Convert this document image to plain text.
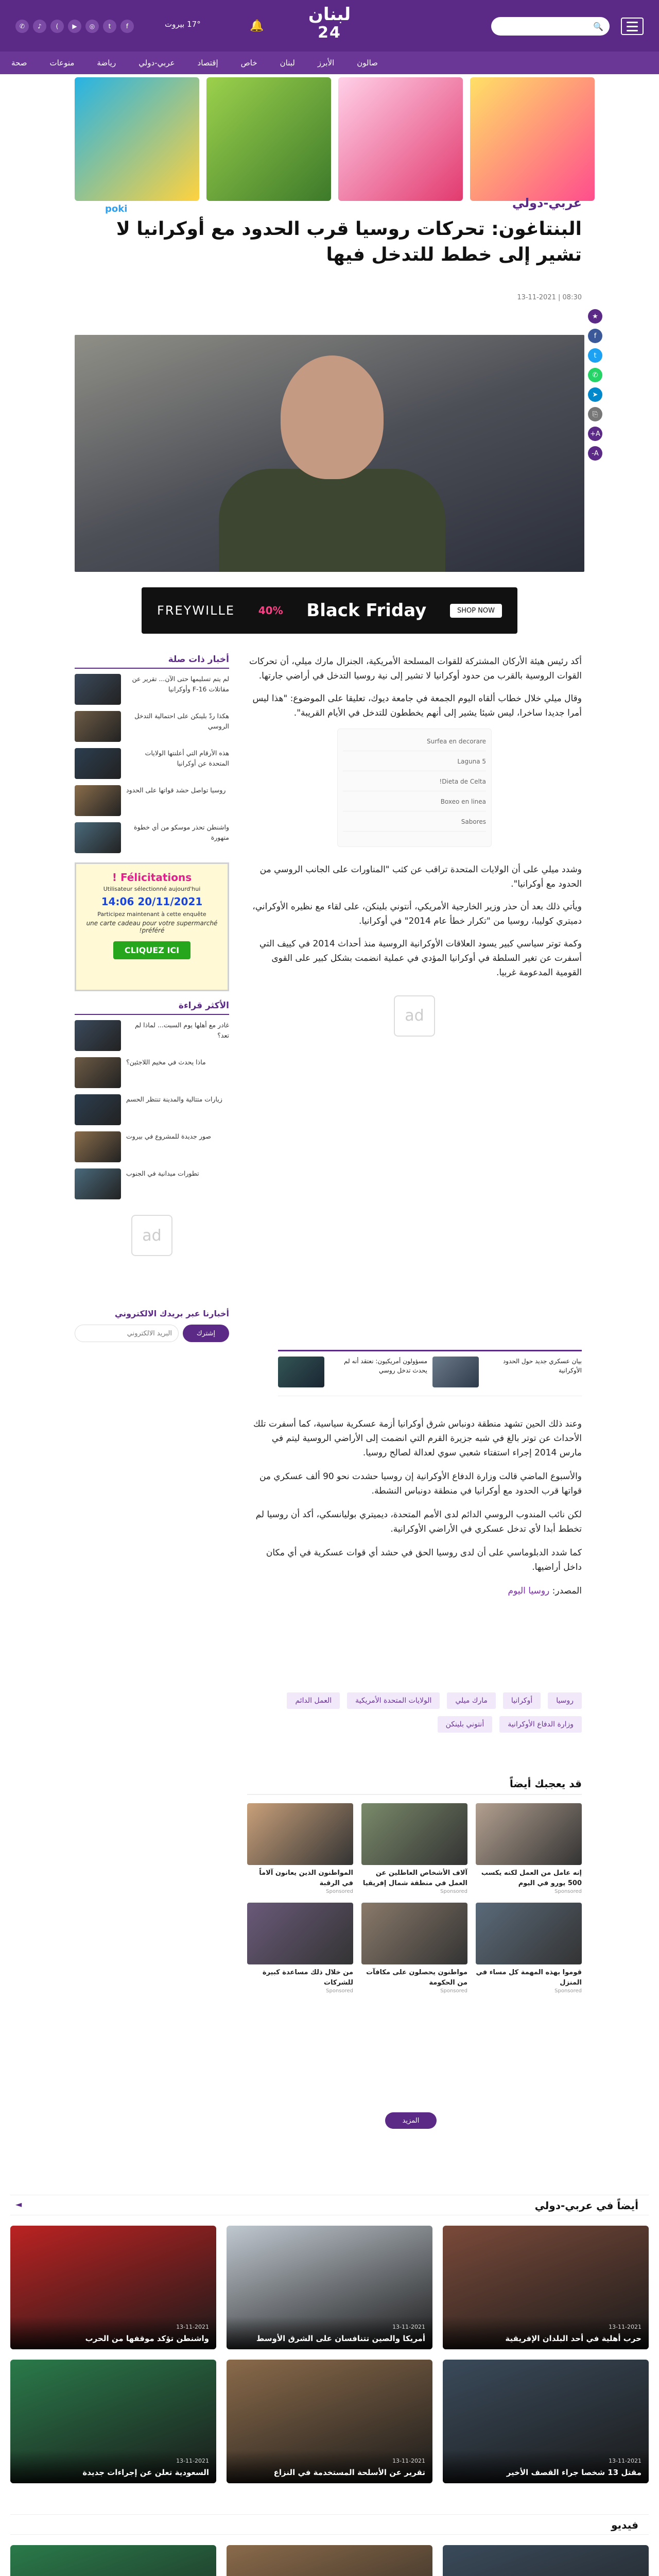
🔍
لبنان
24
🔔
17° بيروت
f
t
◎
▶
)
♪
✆
صالون
الأبرز
لبنان
خاص
إقتصاد
عربي-دولي
رياضة
منوعات
صحة
poki	عربي-دولي
البنتاغون: تحركات روسيا قرب الحدود مع أوكرانيا لا تشير إلى خطط للتدخل فيها
08:30 | 13-11-2021
★
f
t
✆
➤
⎘
A+
A-
SHOP NOW
Black Friday
40%
FREYWILLE

أكد رئيس هيئة الأركان المشتركة للقوات المسلحة الأمريكية، الجنرال مارك ميلي، أن تحركات القوات الروسية بالقرب من حدود أوكرانيا لا تشير إلى نية روسيا التدخل في أراضي جارتها.

وقال ميلي خلال خطاب ألقاه اليوم الجمعة في جامعة ديوك، تعليقا على الموضوع: "هذا ليس أمرا جديدا ساخرا، ليس شيئا يشير إلى أنهم يخططون للتدخل في الأيام القريبة".

Surfea en decorare
Laguna 5
Dieta de Celta!
Boxeo en linea
Sabores

وشدد ميلي على أن الولايات المتحدة تراقب عن كثب "المناورات على الجانب الروسي من الحدود مع أوكرانيا".

ويأتي ذلك بعد أن حذر وزير الخارجية الأمريكي، أنتوني بلينكن، على لقاء مع نظيره الأوكراني، دميتري كوليبا، روسيا من "تكرار خطأ عام 2014" في أوكرانيا.

وكمة توتر سياسي كبير يسود العلاقات الأوكرانية الروسية منذ أحداث 2014 في كييف التي أسفرت عن تغير السلطة في أوكرانيا المؤدي في عملية انضمت بشكل كبير على القوى القومية المدعومة غربيا.

ad
أخبار ذات صلة
لم يتم تسليمها حتى الآن... تقرير عن مقاتلات F-16 وأوكرانيا
هكذا ردّ بلينكن على احتمالية التدخل الروسي
هذه الأرقام التي أعلنتها الولايات المتحدة عن أوكرانيا
روسيا تواصل حشد قواتها على الحدود
واشنطن تحذر موسكو من أي خطوة متهورة
Félicitations !
Utilisateur sélectionné aujourd'hui
20/11/2021 14:06
Participez maintenant à cette enquête
une carte cadeau pour votre supermarché préféré!
CLIQUEZ ICI
الأكثر قراءة
غادر مع أهلها يوم السبت... لماذا لم تعد؟
ماذا يحدث في مخيم اللاجئين؟
زيارات متتالية والمدينة تنتظر الحسم
صور جديدة للمشروع في بيروت
تطورات ميدانية في الجنوب
ad
أخبارنا عبر بريدك الالكتروني
إشترك
البريد الالكتروني
مسؤولون أمريكيون: نعتقد أنه لم يحدث تدخل روسي
بيان عسكري جديد حول الحدود الأوكرانية

وعند ذلك الحين تشهد منطقة دونباس شرق أوكرانيا أزمة عسكرية سياسية، كما أسفرت تلك الأحداث عن توتر بالغ في شبه جزيرة القرم التي انضمت إلى الأراضي الروسية ليتم في مارس 2014 إجراء استفتاء شعبي سوي لعدالة لصالح روسيا.

والأسبوع الماضي قالت وزارة الدفاع الأوكرانية إن روسيا حشدت نحو 90 ألف عسكري من قواتها قرب الحدود مع أوكرانيا في منطقة دونباس النشطة.

لكن نائب المندوب الروسي الدائم لدى الأمم المتحدة، ديميتري بوليانسكي، أكد أن روسيا لم تخطط أبدا لأي تدخل عسكري في الأراضي الأوكرانية.

كما شدد الدبلوماسي على أن لدى روسيا الحق في حشد أي قوات عسكرية في أي مكان داخل أراضيها.

المصدر: روسيا اليوم

روسيا
أوكرانيا
مارك ميلي
الولايات المتحدة الأمريكية
العمل الدائم
وزارة الدفاع الأوكرانية
أنتوني بلينكن
قد يعجبك أيضاً
إنه عامل من العمل لكنه يكسب 500 يورو في اليوم
Sponsored
آلاف الأشخاص العاطلين عن العمل في منطقة شمال إفريقيا
Sponsored
المواطنون الذين يعانون آلاماً في الرقبة
Sponsored
قوموا بهذه المهمة كل مساء في المنزل
Sponsored
مواطنون يحصلون على مكافآت من الحكومة
Sponsored
من خلال ذلك مساعدة كبيرة للشركات
Sponsored
المزيد
أيضاً في عربي-دولي
◄
13-11-2021
حرب أهلية في أحد البلدان الإفريقية
13-11-2021
أمريكا والصين تتنافسان على الشرق الأوسط
13-11-2021
واشنطن تؤكد موقفها من الحرب
13-11-2021
مقتل 13 شخصا جراء القصف الأخير
13-11-2021
تقرير عن الأسلحة المستخدمة في النزاع
13-11-2021
السعودية تعلن عن إجراءات جديدة
فيديو
